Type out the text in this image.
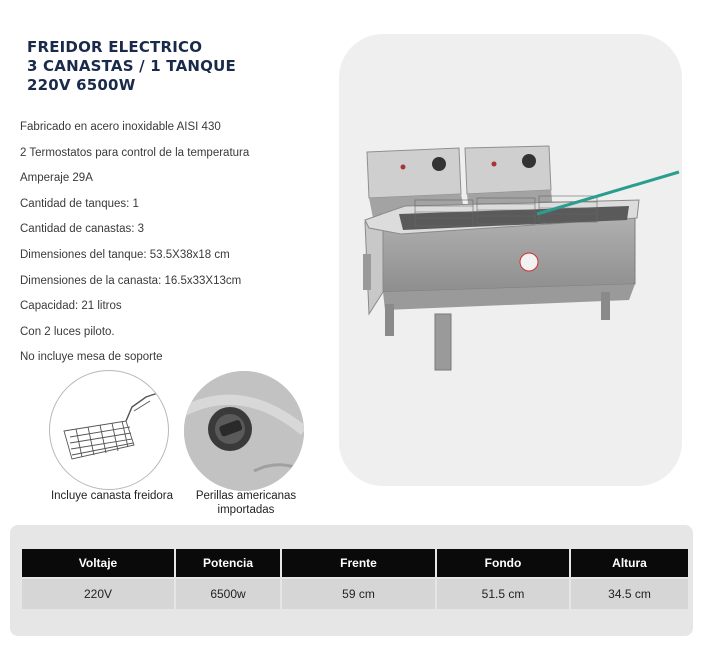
FREIDOR ELECTRICO
3 CANASTAS / 1 TANQUE
220V 6500W
Fabricado en acero inoxidable AISI 430
2 Termostatos para control de la temperatura
Amperaje 29A
Cantidad de tanques: 1
Cantidad de canastas: 3
Dimensiones del tanque: 53.5X38x18 cm
Dimensiones de la canasta: 16.5x33X13cm
Capacidad: 21 litros
Con 2 luces piloto.
No incluye mesa de soporte
Incluye canasta freidora	Perillas americanas
importadas
Voltaje	Potencia	Frente	Fondo	Altura
220V	6500w	59 cm	51.5 cm	34.5 cm
